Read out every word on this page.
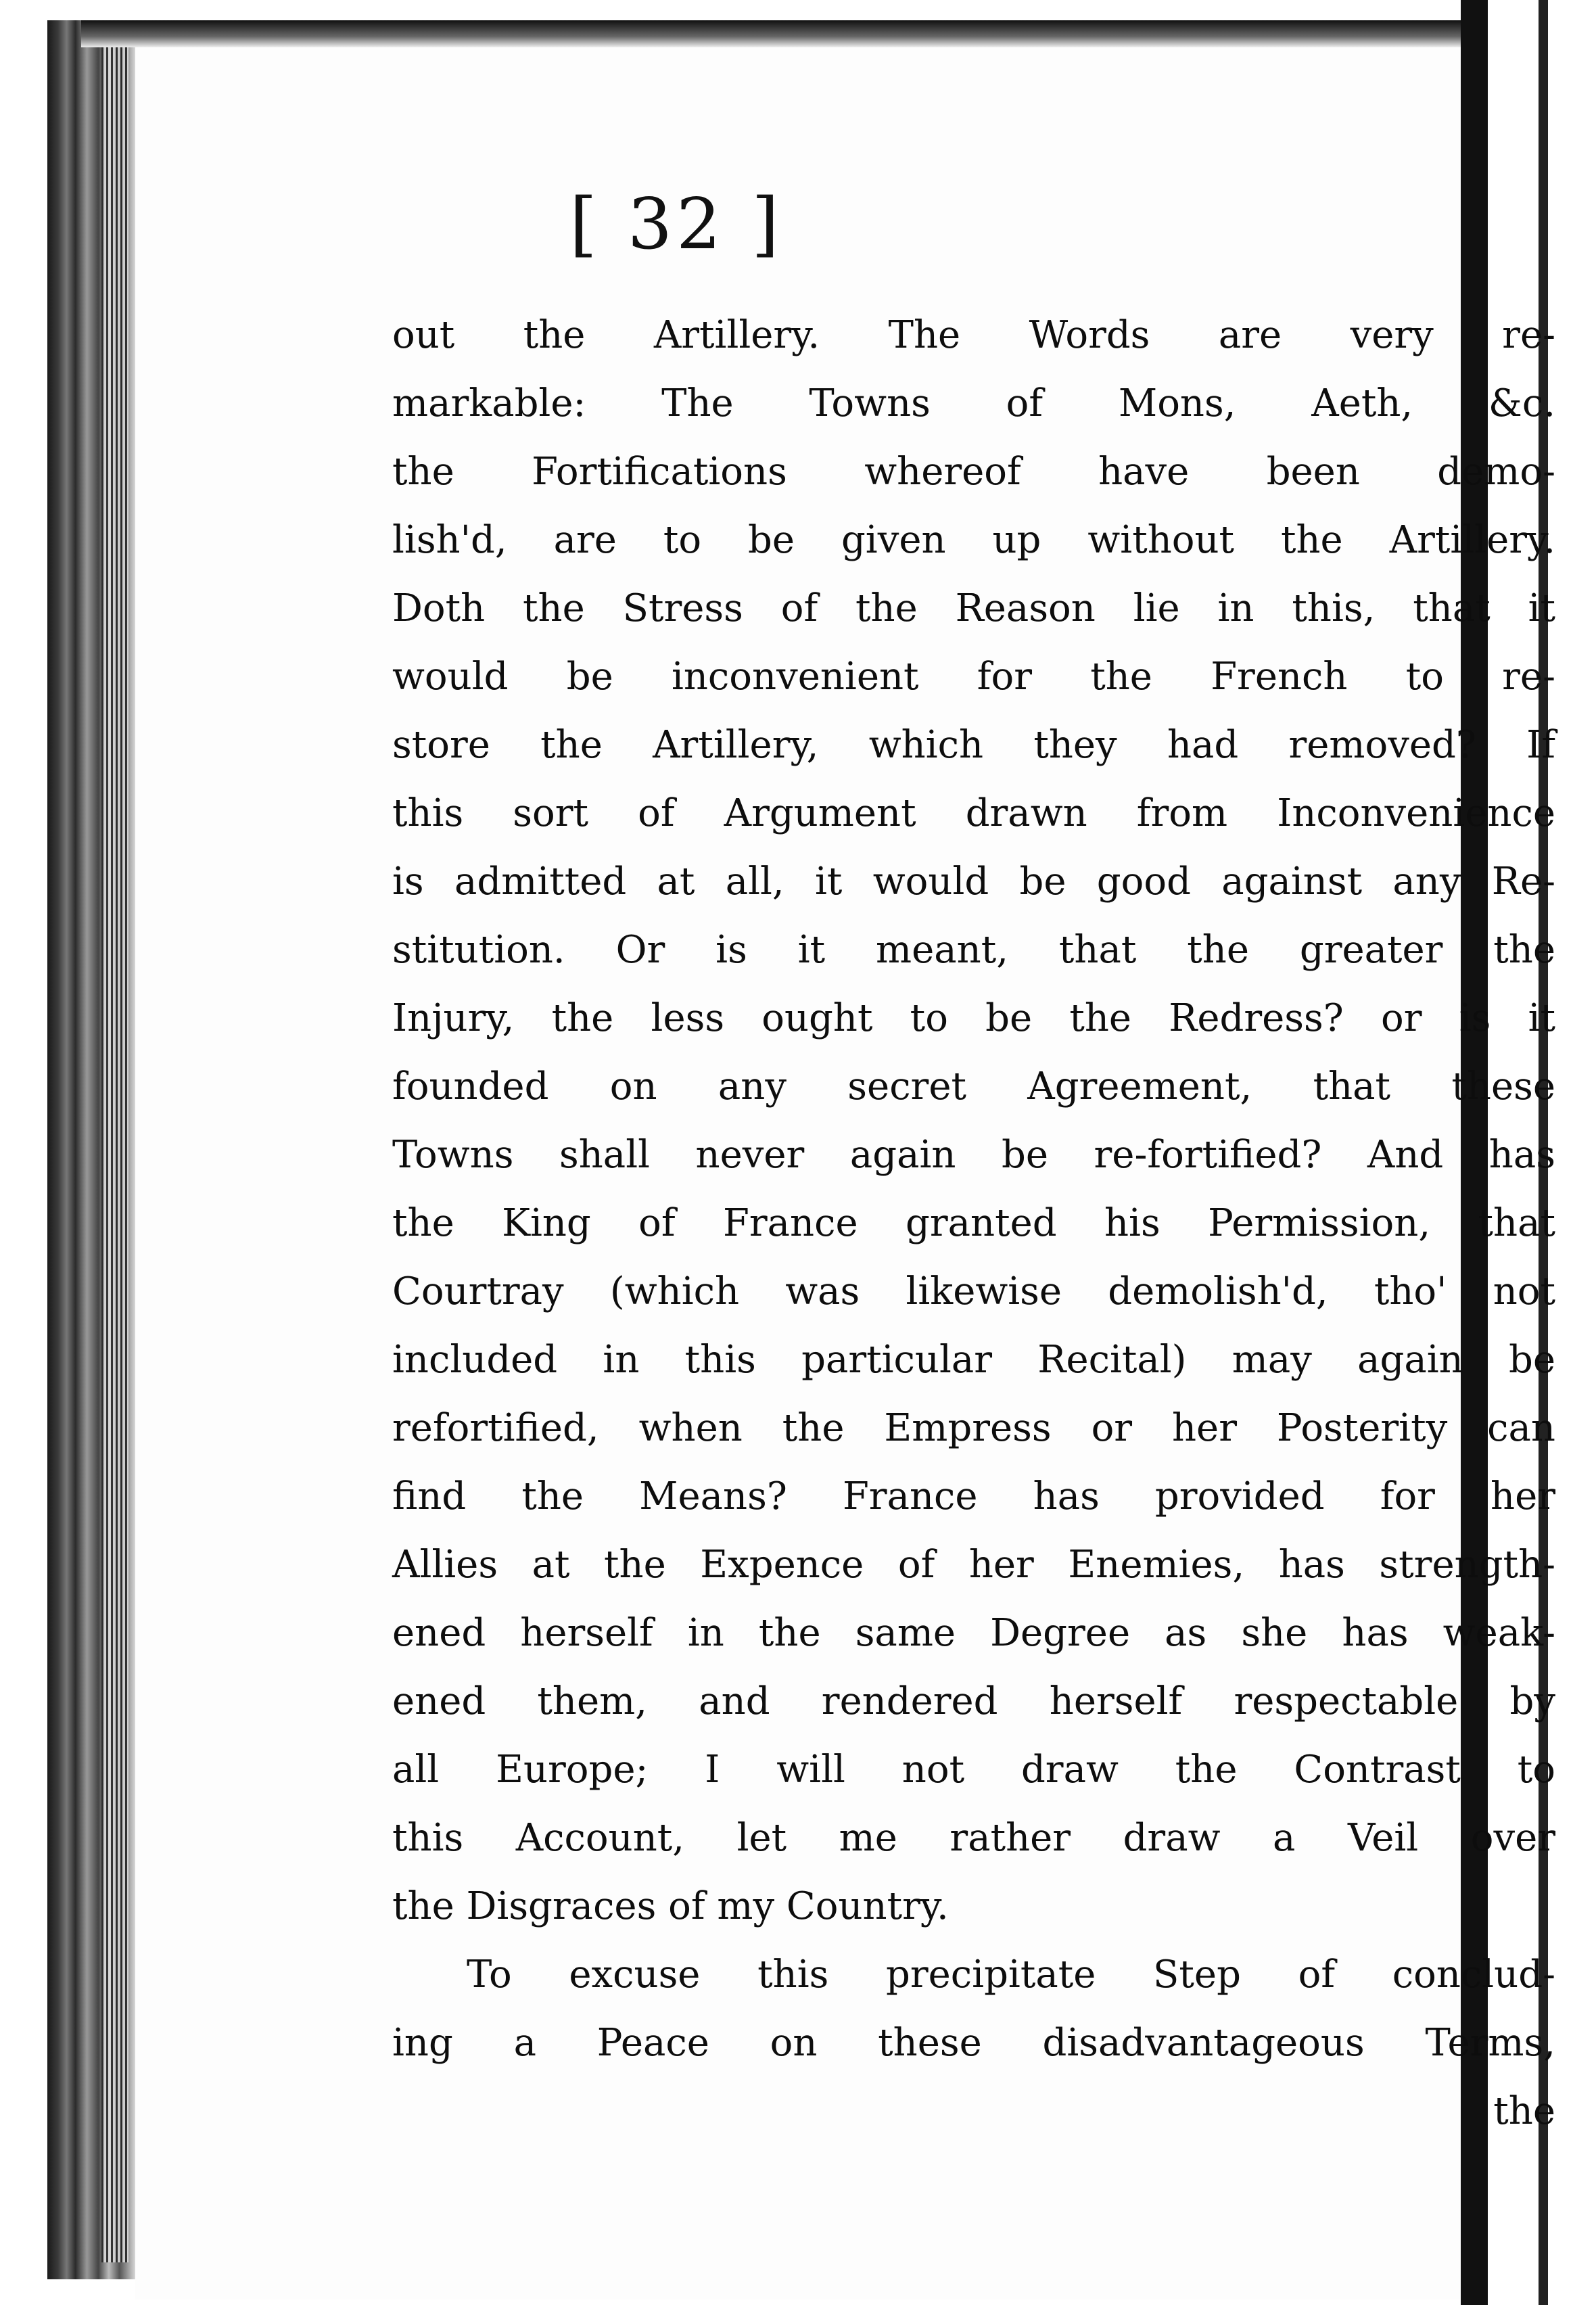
[ 32 ]
out the Artillery. The Words are very re-
markable: The Towns of Mons, Aeth, &c.
the Fortifications whereof have been demo-
lish'd, are to be given up without the Artillery.
Doth the Stress of the Reason lie in this, that it
would be inconvenient for the French to re-
store the Artillery, which they had removed? If
this sort of Argument drawn from Inconvenience
is admitted at all, it would be good against any Re-
stitution. Or is it meant, that the greater the
Injury, the less ought to be the Redress? or is it
founded on any secret Agreement, that these
Towns shall never again be re-fortified? And has
the King of France granted his Permission, that
Courtray (which was likewise demolish'd, tho' not
included in this particular Recital) may again be
refortified, when the Empress or her Posterity can
find the Means? France has provided for her
Allies at the Expence of her Enemies, has strength-
ened herself in the same Degree as she has weak-
ened them, and rendered herself respectable by
all Europe; I will not draw the Contrast to
this Account, let me rather draw a Veil over
the Disgraces of my Country.
To excuse this precipitate Step of conclud-
ing a Peace on these disadvantageous Terms,
the
